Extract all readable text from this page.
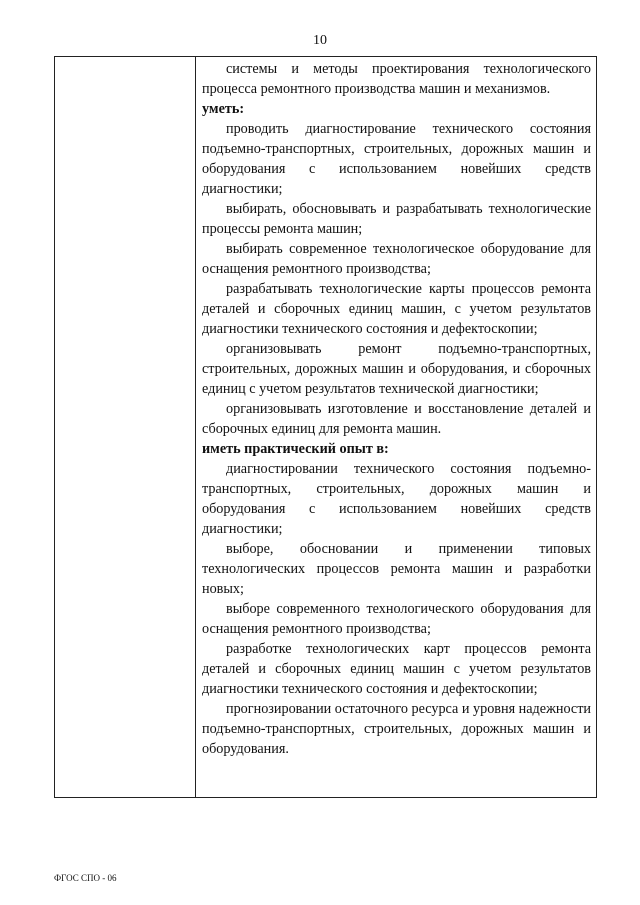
10

системы и методы проектирования технологического процесса ремонтного производства машин и механизмов.

уметь:

проводить диагностирование технического состояния подъемно-транспортных, строительных, дорожных машин и оборудования с использованием новейших средств диагностики;

выбирать, обосновывать и разрабатывать технологические процессы ремонта машин;

выбирать современное технологическое оборудование для оснащения ремонтного производства;

разрабатывать технологические карты процессов ремонта деталей и сборочных единиц машин, с учетом результатов диагностики технического состояния и дефектоскопии;

организовывать ремонт подъемно-транспортных, строительных, дорожных машин и оборудования, и сборочных единиц с учетом результатов технической диагностики;

организовывать изготовление и восстановление деталей и сборочных единиц для ремонта машин.

иметь практический опыт в:

диагностировании технического состояния подъемно-транспортных, строительных, дорожных машин и оборудования с использованием новейших средств диагностики;

выборе, обосновании и применении типовых технологических процессов ремонта машин и разработки новых;

выборе современного технологического оборудования для оснащения ремонтного производства;

разработке технологических карт процессов ремонта деталей и сборочных единиц машин с учетом результатов диагностики технического состояния и дефектоскопии;

прогнозировании остаточного ресурса и уровня надежности подъемно-транспортных, строительных, дорожных машин и оборудования.

ФГОС СПО - 06
